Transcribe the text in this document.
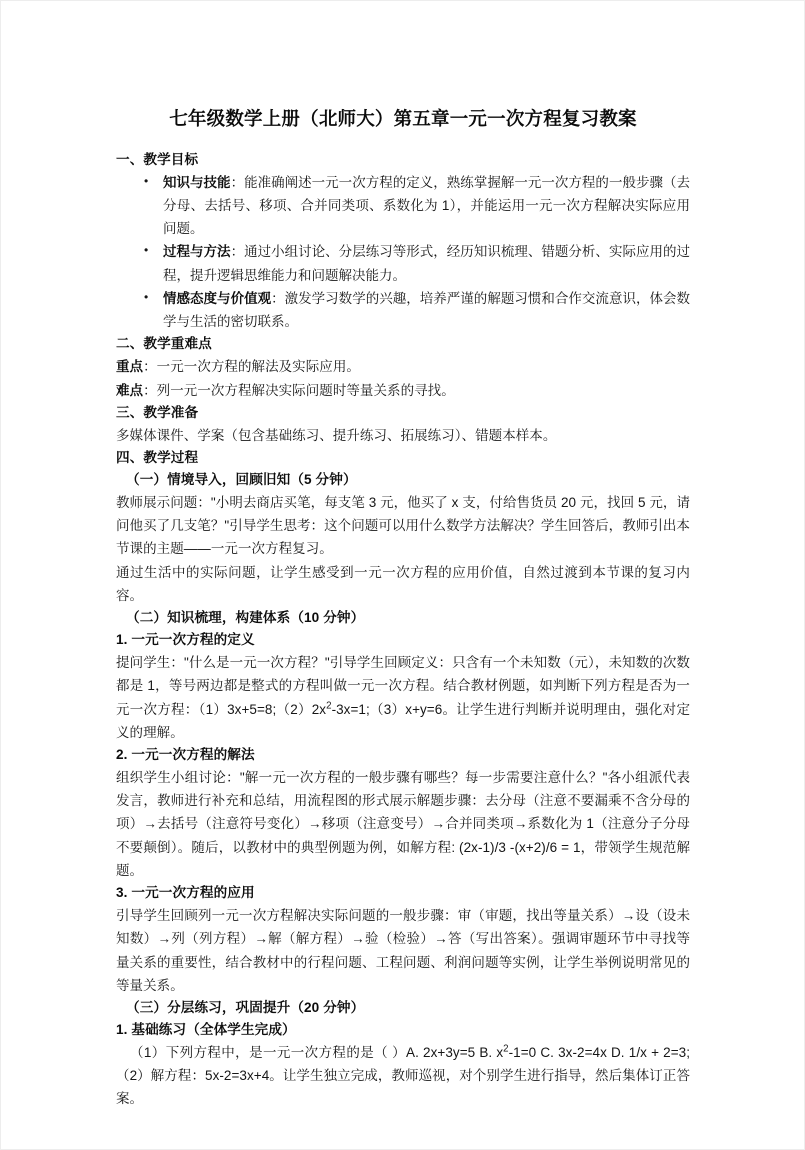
七年级数学上册（北师大）第五章一元一次方程复习教案
一、教学目标
• 知识与技能：能准确阐述一元一次方程的定义，熟练掌握解一元一次方程的一般步骤（去分母、去括号、移项、合并同类项、系数化为 1），并能运用一元一次方程解决实际应用问题。
• 过程与方法：通过小组讨论、分层练习等形式，经历知识梳理、错题分析、实际应用的过程，提升逻辑思维能力和问题解决能力。
• 情感态度与价值观：激发学习数学的兴趣，培养严谨的解题习惯和合作交流意识，体会数学与生活的密切联系。
二、教学重难点

重点：一元一次方程的解法及实际应用。

难点：列一元一次方程解决实际问题时等量关系的寻找。

三、教学准备

多媒体课件、学案（包含基础练习、提升练习、拓展练习）、错题本样本。

四、教学过程
（一）情境导入，回顾旧知（5 分钟）

教师展示问题："小明去商店买笔，每支笔 3 元，他买了 x 支，付给售货员 20 元，找回 5 元，请问他买了几支笔？"引导学生思考：这个问题可以用什么数学方法解决？学生回答后，教师引出本节课的主题——一元一次方程复习。

通过生活中的实际问题，让学生感受到一元一次方程的应用价值，自然过渡到本节课的复习内容。

（二）知识梳理，构建体系（10 分钟）
1. 一元一次方程的定义

提问学生："什么是一元一次方程？"引导学生回顾定义：只含有一个未知数（元），未知数的次数都是 1，等号两边都是整式的方程叫做一元一次方程。结合教材例题，如判断下列方程是否为一元一次方程：$(1)3x+5=8;(2)2x^2-3x=1;(3)x+y=6$。让学生进行判断并说明理由，强化对定义的理解。

2. 一元一次方程的解法

组织学生小组讨论："解一元一次方程的一般步骤有哪些？每一步需要注意什么？"各小组派代表发言，教师进行补充和总结，用流程图的形式展示解题步骤：去分母（注意不要漏乘不含分母的项）→去括号（注意符号变化）→移项（注意变号）→合并同类项→系数化为 1（注意分子分母不要颠倒）。随后，以教材中的典型例题为例，如解方程: (2x-1)/3 -(x+2)/6 = 1，带领学生规范解题。

3. 一元一次方程的应用

引导学生回顾列一元一次方程解决实际问题的一般步骤：审（审题，找出等量关系）→设（设未知数）→列（列方程）→解（解方程）→验（检验）→答（写出答案）。强调审题环节中寻找等量关系的重要性，结合教材中的行程问题、工程问题、利润问题等实例，让学生举例说明常见的等量关系。

（三）分层练习，巩固提升（20 分钟）
1. 基础练习（全体学生完成）

（1）下列方程中，是一元一次方程的是（ ）A. 2x+3y=5 B. $x^2-1=0$ C. 3x-2=4x D. 1/x + 2=3;（2）解方程：5x-2=3x+4。让学生独立完成，教师巡视，对个别学生进行指导，然后集体订正答案。
